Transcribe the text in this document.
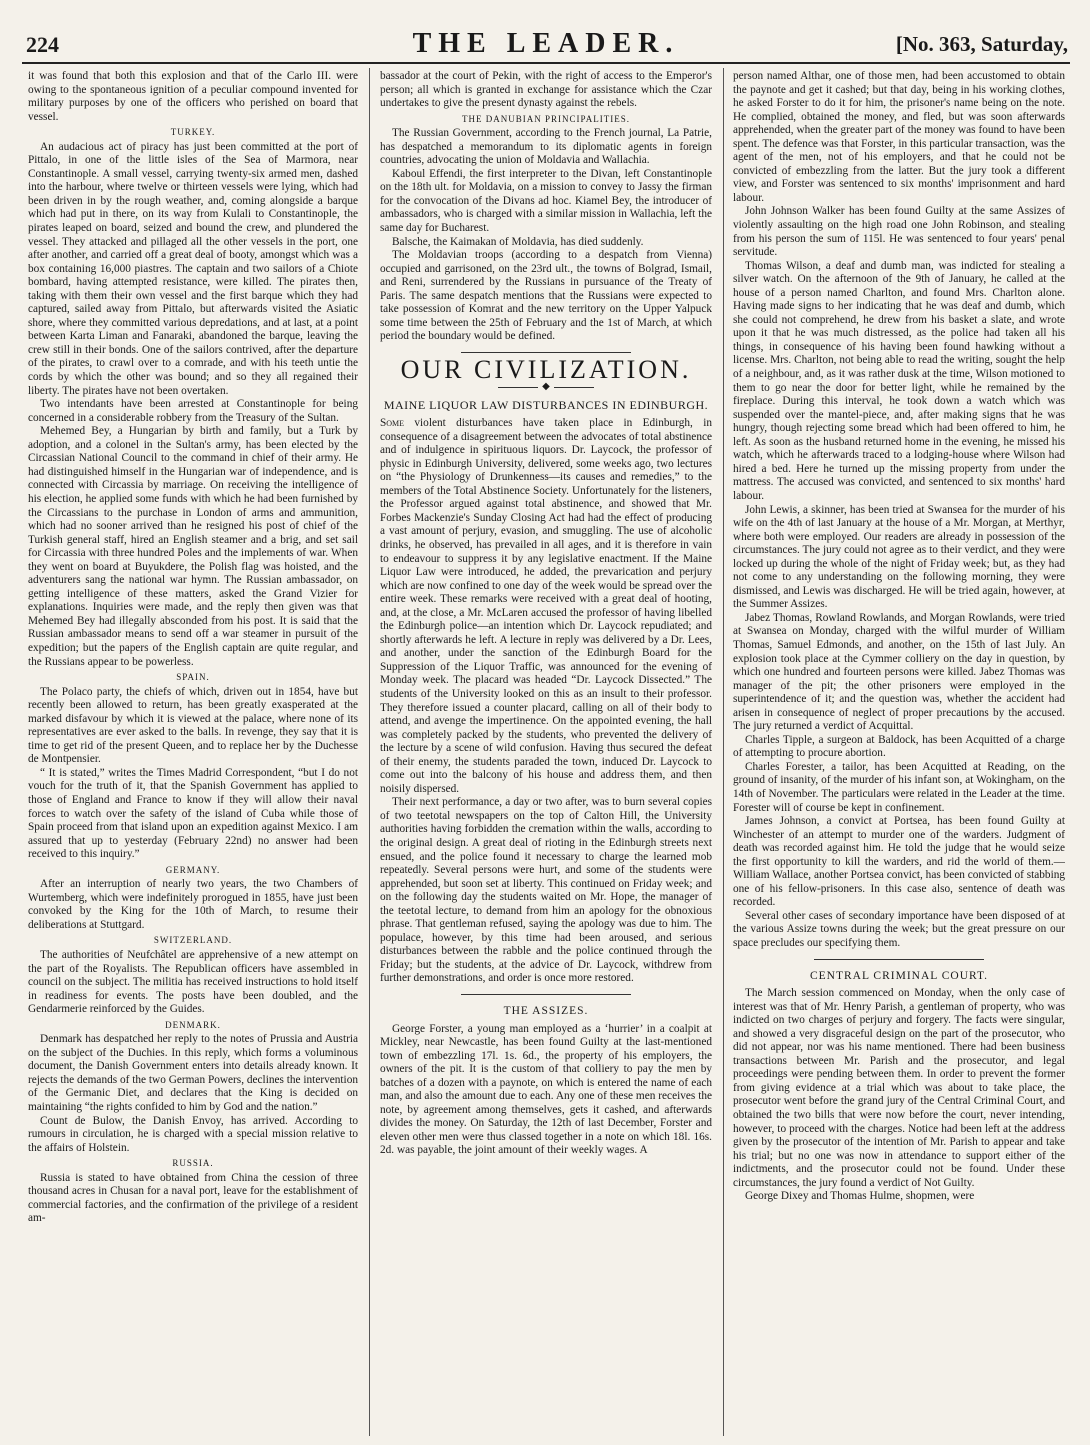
224	THE LEADER.	[No. 363, Saturday,

it was found that both this explosion and that of the Carlo III. were owing to the spontaneous ignition of a peculiar compound invented for military purposes by one of the officers who perished on board that vessel.

TURKEY.

An audacious act of piracy has just been committed at the port of Pittalo, in one of the little isles of the Sea of Marmora, near Constantinople. A small vessel, carrying twenty-six armed men, dashed into the harbour, where twelve or thirteen vessels were lying, which had been driven in by the rough weather, and, coming alongside a barque which had put in there, on its way from Kulali to Constantinople, the pirates leaped on board, seized and bound the crew, and plundered the vessel. They attacked and pillaged all the other vessels in the port, one after another, and carried off a great deal of booty, amongst which was a box containing 16,000 piastres. The captain and two sailors of a Chiote bombard, having attempted resistance, were killed. The pirates then, taking with them their own vessel and the first barque which they had captured, sailed away from Pittalo, but afterwards visited the Asiatic shore, where they committed various depredations, and at last, at a point between Karta Liman and Fanaraki, abandoned the barque, leaving the crew still in their bonds. One of the sailors contrived, after the departure of the pirates, to crawl over to a comrade, and with his teeth untie the cords by which the other was bound; and so they all regained their liberty. The pirates have not been overtaken.

Two intendants have been arrested at Constantinople for being concerned in a considerable robbery from the Treasury of the Sultan.

Mehemed Bey, a Hungarian by birth and family, but a Turk by adoption, and a colonel in the Sultan's army, has been elected by the Circassian National Council to the command in chief of their army. He had distinguished himself in the Hungarian war of independence, and is connected with Circassia by marriage. On receiving the intelligence of his election, he applied some funds with which he had been furnished by the Circassians to the purchase in London of arms and ammunition, which had no sooner arrived than he resigned his post of chief of the Turkish general staff, hired an English steamer and a brig, and set sail for Circassia with three hundred Poles and the implements of war. When they went on board at Buyukdere, the Polish flag was hoisted, and the adventurers sang the national war hymn. The Russian ambassador, on getting intelligence of these matters, asked the Grand Vizier for explanations. Inquiries were made, and the reply then given was that Mehemed Bey had illegally absconded from his post. It is said that the Russian ambassador means to send off a war steamer in pursuit of the expedition; but the papers of the English captain are quite regular, and the Russians appear to be powerless.

SPAIN.

The Polaco party, the chiefs of which, driven out in 1854, have but recently been allowed to return, has been greatly exasperated at the marked disfavour by which it is viewed at the palace, where none of its representatives are ever asked to the balls. In revenge, they say that it is time to get rid of the present Queen, and to replace her by the Duchesse de Montpensier.

“ It is stated,” writes the Times Madrid Correspondent, “but I do not vouch for the truth of it, that the Spanish Government has applied to those of England and France to know if they will allow their naval forces to watch over the safety of the island of Cuba while those of Spain proceed from that island upon an expedition against Mexico. I am assured that up to yesterday (February 22nd) no answer had been received to this inquiry.”

GERMANY.

After an interruption of nearly two years, the two Chambers of Wurtemberg, which were indefinitely prorogued in 1855, have just been convoked by the King for the 10th of March, to resume their deliberations at Stuttgard.

SWITZERLAND.

The authorities of Neufchâtel are apprehensive of a new attempt on the part of the Royalists. The Republican officers have assembled in council on the subject. The militia has received instructions to hold itself in readiness for events. The posts have been doubled, and the Gendarmerie reinforced by the Guides.

DENMARK.

Denmark has despatched her reply to the notes of Prussia and Austria on the subject of the Duchies. In this reply, which forms a voluminous document, the Danish Government enters into details already known. It rejects the demands of the two German Powers, declines the intervention of the Germanic Diet, and declares that the King is decided on maintaining “the rights confided to him by God and the nation.”

Count de Bulow, the Danish Envoy, has arrived. According to rumours in circulation, he is charged with a special mission relative to the affairs of Holstein.

RUSSIA.

Russia is stated to have obtained from China the cession of three thousand acres in Chusan for a naval port, leave for the establishment of commercial factories, and the confirmation of the privilege of a resident am-

bassador at the court of Pekin, with the right of access to the Emperor's person; all which is granted in exchange for assistance which the Czar undertakes to give the present dynasty against the rebels.

THE DANUBIAN PRINCIPALITIES.

The Russian Government, according to the French journal, La Patrie, has despatched a memorandum to its diplomatic agents in foreign countries, advocating the union of Moldavia and Wallachia.

Kaboul Effendi, the first interpreter to the Divan, left Constantinople on the 18th ult. for Moldavia, on a mission to convey to Jassy the firman for the convocation of the Divans ad hoc. Kiamel Bey, the introducer of ambassadors, who is charged with a similar mission in Wallachia, left the same day for Bucharest.

Balsche, the Kaimakan of Moldavia, has died suddenly.

The Moldavian troops (according to a despatch from Vienna) occupied and garrisoned, on the 23rd ult., the towns of Bolgrad, Ismail, and Reni, surrendered by the Russians in pursuance of the Treaty of Paris. The same despatch mentions that the Russians were expected to take possession of Komrat and the new territory on the Upper Yalpuck some time between the 25th of February and the 1st of March, at which period the boundary would be defined.

OUR CIVILIZATION.
◆
MAINE LIQUOR LAW DISTURBANCES IN EDINBURGH.

Some violent disturbances have taken place in Edinburgh, in consequence of a disagreement between the advocates of total abstinence and of indulgence in spirituous liquors. Dr. Laycock, the professor of physic in Edinburgh University, delivered, some weeks ago, two lectures on “the Physiology of Drunkenness—its causes and remedies,” to the members of the Total Abstinence Society. Unfortunately for the listeners, the Professor argued against total abstinence, and showed that Mr. Forbes Mackenzie's Sunday Closing Act had had the effect of producing a vast amount of perjury, evasion, and smuggling. The use of alcoholic drinks, he observed, has prevailed in all ages, and it is therefore in vain to endeavour to suppress it by any legislative enactment. If the Maine Liquor Law were introduced, he added, the prevarication and perjury which are now confined to one day of the week would be spread over the entire week. These remarks were received with a great deal of hooting, and, at the close, a Mr. McLaren accused the professor of having libelled the Edinburgh police—an intention which Dr. Laycock repudiated; and shortly afterwards he left. A lecture in reply was delivered by a Dr. Lees, and another, under the sanction of the Edinburgh Board for the Suppression of the Liquor Traffic, was announced for the evening of Monday week. The placard was headed “Dr. Laycock Dissected.” The students of the University looked on this as an insult to their professor. They therefore issued a counter placard, calling on all of their body to attend, and avenge the impertinence. On the appointed evening, the hall was completely packed by the students, who prevented the delivery of the lecture by a scene of wild confusion. Having thus secured the defeat of their enemy, the students paraded the town, induced Dr. Laycock to come out into the balcony of his house and address them, and then noisily dispersed.

Their next performance, a day or two after, was to burn several copies of two teetotal newspapers on the top of Calton Hill, the University authorities having forbidden the cremation within the walls, according to the original design. A great deal of rioting in the Edinburgh streets next ensued, and the police found it necessary to charge the learned mob repeatedly. Several persons were hurt, and some of the students were apprehended, but soon set at liberty. This continued on Friday week; and on the following day the students waited on Mr. Hope, the manager of the teetotal lecture, to demand from him an apology for the obnoxious phrase. That gentleman refused, saying the apology was due to him. The populace, however, by this time had been aroused, and serious disturbances between the rabble and the police continued through the Friday; but the students, at the advice of Dr. Laycock, withdrew from further demonstrations, and order is once more restored.

THE ASSIZES.

George Forster, a young man employed as a ‘hurrier’ in a coalpit at Mickley, near Newcastle, has been found Guilty at the last-mentioned town of embezzling 17l. 1s. 6d., the property of his employers, the owners of the pit. It is the custom of that colliery to pay the men by batches of a dozen with a paynote, on which is entered the name of each man, and also the amount due to each. Any one of these men receives the note, by agreement among themselves, gets it cashed, and afterwards divides the money. On Saturday, the 12th of last December, Forster and eleven other men were thus classed together in a note on which 18l. 16s. 2d. was payable, the joint amount of their weekly wages. A

person named Althar, one of those men, had been accustomed to obtain the paynote and get it cashed; but that day, being in his working clothes, he asked Forster to do it for him, the prisoner's name being on the note. He complied, obtained the money, and fled, but was soon afterwards apprehended, when the greater part of the money was found to have been spent. The defence was that Forster, in this particular transaction, was the agent of the men, not of his employers, and that he could not be convicted of embezzling from the latter. But the jury took a different view, and Forster was sentenced to six months' imprisonment and hard labour.

John Johnson Walker has been found Guilty at the same Assizes of violently assaulting on the high road one John Robinson, and stealing from his person the sum of 115l. He was sentenced to four years' penal servitude.

Thomas Wilson, a deaf and dumb man, was indicted for stealing a silver watch. On the afternoon of the 9th of January, he called at the house of a person named Charlton, and found Mrs. Charlton alone. Having made signs to her indicating that he was deaf and dumb, which she could not comprehend, he drew from his basket a slate, and wrote upon it that he was much distressed, as the police had taken all his things, in consequence of his having been found hawking without a license. Mrs. Charlton, not being able to read the writing, sought the help of a neighbour, and, as it was rather dusk at the time, Wilson motioned to them to go near the door for better light, while he remained by the fireplace. During this interval, he took down a watch which was suspended over the mantel-piece, and, after making signs that he was hungry, though rejecting some bread which had been offered to him, he left. As soon as the husband returned home in the evening, he missed his watch, which he afterwards traced to a lodging-house where Wilson had hired a bed. Here he turned up the missing property from under the mattress. The accused was convicted, and sentenced to six months' hard labour.

John Lewis, a skinner, has been tried at Swansea for the murder of his wife on the 4th of last January at the house of a Mr. Morgan, at Merthyr, where both were employed. Our readers are already in possession of the circumstances. The jury could not agree as to their verdict, and they were locked up during the whole of the night of Friday week; but, as they had not come to any understanding on the following morning, they were dismissed, and Lewis was discharged. He will be tried again, however, at the Summer Assizes.

Jabez Thomas, Rowland Rowlands, and Morgan Rowlands, were tried at Swansea on Monday, charged with the wilful murder of William Thomas, Samuel Edmonds, and another, on the 15th of last July. An explosion took place at the Cymmer colliery on the day in question, by which one hundred and fourteen persons were killed. Jabez Thomas was manager of the pit; the other prisoners were employed in the superintendence of it; and the question was, whether the accident had arisen in consequence of neglect of proper precautions by the accused. The jury returned a verdict of Acquittal.

Charles Tipple, a surgeon at Baldock, has been Acquitted of a charge of attempting to procure abortion.

Charles Forester, a tailor, has been Acquitted at Reading, on the ground of insanity, of the murder of his infant son, at Wokingham, on the 14th of November. The particulars were related in the Leader at the time. Forester will of course be kept in confinement.

James Johnson, a convict at Portsea, has been found Guilty at Winchester of an attempt to murder one of the warders. Judgment of death was recorded against him. He told the judge that he would seize the first opportunity to kill the warders, and rid the world of them.—William Wallace, another Portsea convict, has been convicted of stabbing one of his fellow-prisoners. In this case also, sentence of death was recorded.

Several other cases of secondary importance have been disposed of at the various Assize towns during the week; but the great pressure on our space precludes our specifying them.

CENTRAL CRIMINAL COURT.

The March session commenced on Monday, when the only case of interest was that of Mr. Henry Parish, a gentleman of property, who was indicted on two charges of perjury and forgery. The facts were singular, and showed a very disgraceful design on the part of the prosecutor, who did not appear, nor was his name mentioned. There had been business transactions between Mr. Parish and the prosecutor, and legal proceedings were pending between them. In order to prevent the former from giving evidence at a trial which was about to take place, the prosecutor went before the grand jury of the Central Criminal Court, and obtained the two bills that were now before the court, never intending, however, to proceed with the charges. Notice had been left at the address given by the prosecutor of the intention of Mr. Parish to appear and take his trial; but no one was now in attendance to support either of the indictments, and the prosecutor could not be found. Under these circumstances, the jury found a verdict of Not Guilty.

George Dixey and Thomas Hulme, shopmen, were
